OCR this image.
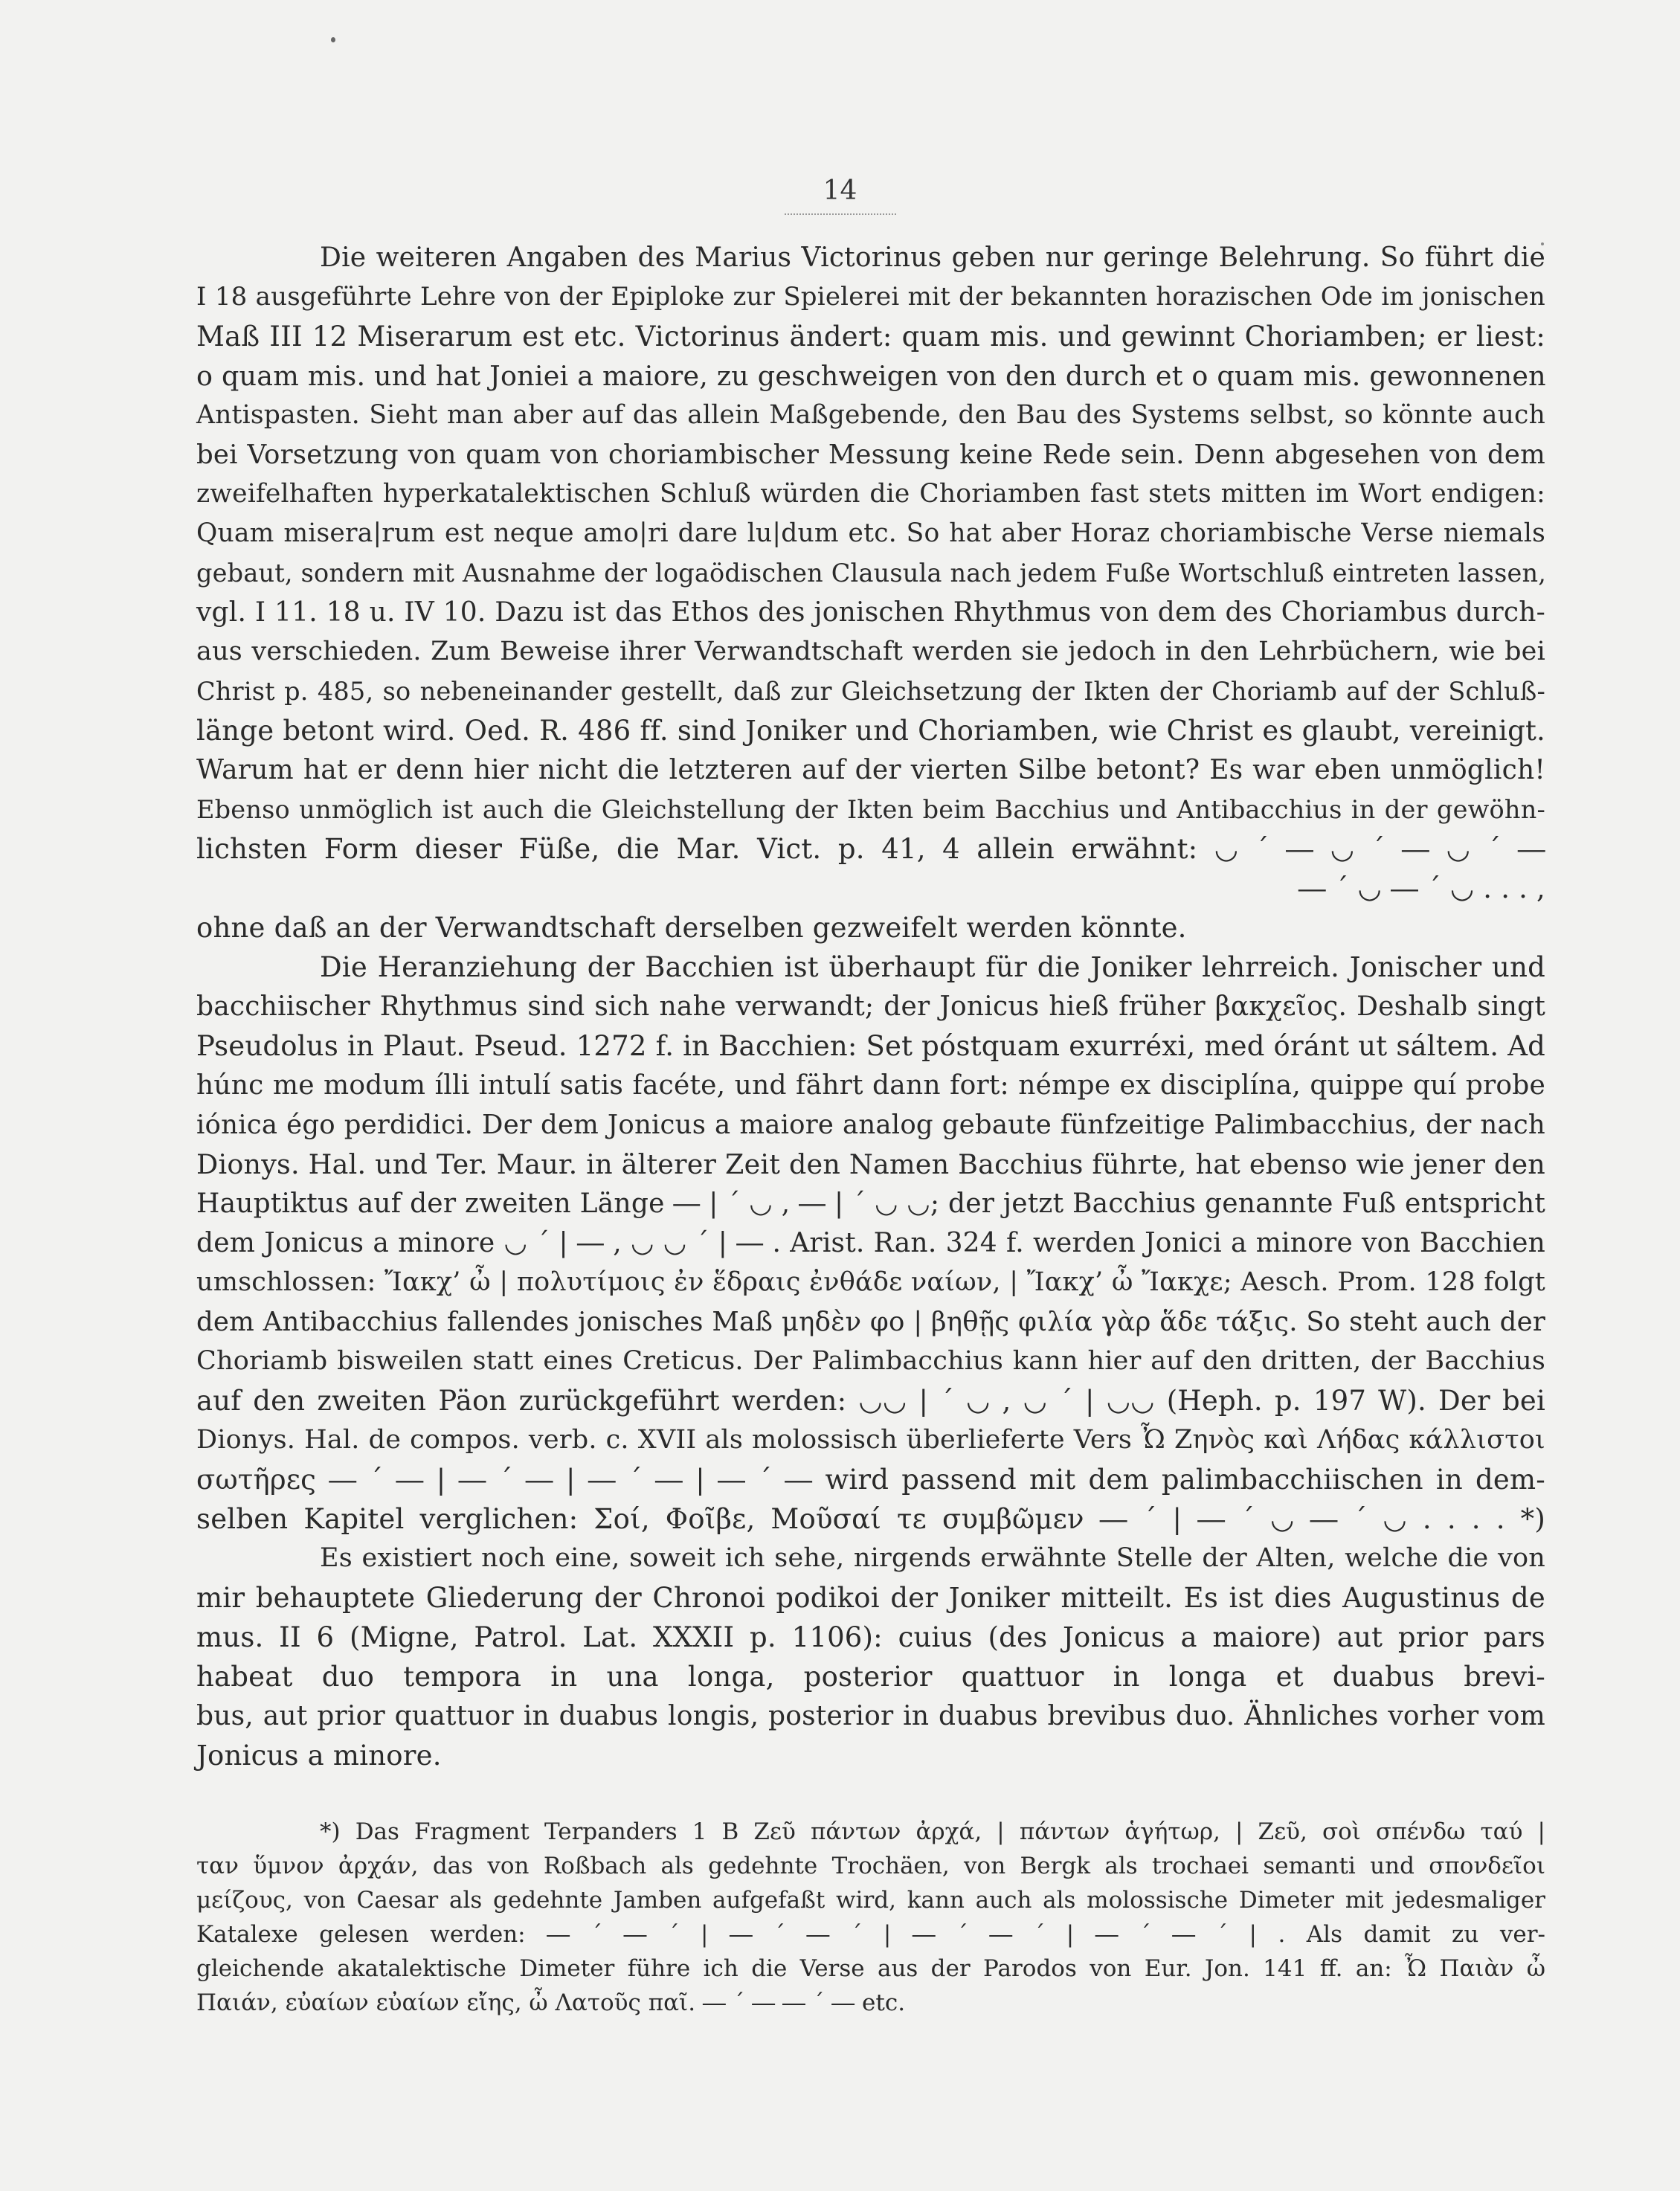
14
Die weiteren Angaben des Marius Victorinus geben nur geringe Belehrung. So führt die
I 18 ausgeführte Lehre von der Epiploke zur Spielerei mit der bekannten horazischen Ode im jonischen
Maß III 12 Miserarum est etc. Victorinus ändert: quam mis. und gewinnt Choriamben; er liest:
o quam mis. und hat Joniei a maiore, zu geschweigen von den durch et o quam mis. gewonnenen
Antispasten. Sieht man aber auf das allein Maßgebende, den Bau des Systems selbst, so könnte auch
bei Vorsetzung von quam von choriambischer Messung keine Rede sein. Denn abgesehen von dem
zweifelhaften hyperkatalektischen Schluß würden die Choriamben fast stets mitten im Wort endigen:
Quam misera|rum est neque amo|ri dare lu|dum etc. So hat aber Horaz choriambische Verse niemals
gebaut, sondern mit Ausnahme der logaödischen Clausula nach jedem Fuße Wortschluß eintreten lassen,
vgl. I 11. 18 u. IV 10. Dazu ist das Ethos des jonischen Rhythmus von dem des Choriambus durch-
aus verschieden. Zum Beweise ihrer Verwandtschaft werden sie jedoch in den Lehrbüchern, wie bei
Christ p. 485, so nebeneinander gestellt, daß zur Gleichsetzung der Ikten der Choriamb auf der Schluß-
länge betont wird. Oed. R. 486 ff. sind Joniker und Choriamben, wie Christ es glaubt, vereinigt.
Warum hat er denn hier nicht die letzteren auf der vierten Silbe betont? Es war eben unmöglich!
Ebenso unmöglich ist auch die Gleichstellung der Ikten beim Bacchius und Antibacchius in der gewöhn-
lichsten Form dieser Füße, die Mar. Vict. p. 41, 4 allein erwähnt: ◡ ´ ― ◡ ´ ― ◡ ´ ―
― ´ ◡ ― ´ ◡ . . . ,
ohne daß an der Verwandtschaft derselben gezweifelt werden könnte.
Die Heranziehung der Bacchien ist überhaupt für die Joniker lehrreich. Jonischer und
bacchiischer Rhythmus sind sich nahe verwandt; der Jonicus hieß früher βακχεῖος. Deshalb singt
Pseudolus in Plaut. Pseud. 1272 f. in Bacchien: Set póstquam exurréxi, med óránt ut sáltem. Ad
húnc me modum ílli intulí satis facéte, und fährt dann fort: némpe ex disciplína, quippe quí probe
iónica égo perdidici. Der dem Jonicus a maiore analog gebaute fünfzeitige Palimbacchius, der nach
Dionys. Hal. und Ter. Maur. in älterer Zeit den Namen Bacchius führte, hat ebenso wie jener den
Hauptiktus auf der zweiten Länge ― | ´ ◡ , ― | ´ ◡ ◡; der jetzt Bacchius genannte Fuß entspricht
dem Jonicus a minore ◡ ´ | ― , ◡ ◡ ´ | ― . Arist. Ran. 324 f. werden Jonici a minore von Bacchien
umschlossen: Ἴακχ’ ὦ | πολυτίμοις ἐν ἕδραις ἐνθάδε ναίων, | Ἴακχ’ ὦ Ἴακχε; Aesch. Prom. 128 folgt
dem Antibacchius fallendes jonisches Maß μηδὲν φο | βηθῇς φιλία γὰρ ἅδε τάξις. So steht auch der
Choriamb bisweilen statt eines Creticus. Der Palimbacchius kann hier auf den dritten, der Bacchius
auf den zweiten Päon zurückgeführt werden: ◡◡ | ´ ◡ , ◡ ´ | ◡◡ (Heph. p. 197 W). Der bei
Dionys. Hal. de compos. verb. c. XVII als molossisch überlieferte Vers Ὦ Ζηνὸς καὶ Λήδας κάλλιστοι
σωτῆρες ― ´ ― | ― ´ ― | ― ´ ― | ― ´ ― wird passend mit dem palimbacchiischen in dem-
selben Kapitel verglichen: Σοί, Φοῖβε, Μοῦσαί τε συμβῶμεν ― ´ | ― ´ ◡ ― ´ ◡ . . . . *)
Es existiert noch eine, soweit ich sehe, nirgends erwähnte Stelle der Alten, welche die von
mir behauptete Gliederung der Chronoi podikoi der Joniker mitteilt. Es ist dies Augustinus de
mus. II 6 (Migne, Patrol. Lat. XXXII p. 1106): cuius (des Jonicus a maiore) aut prior pars
habeat duo tempora in una longa, posterior quattuor in longa et duabus brevi-
bus, aut prior quattuor in duabus longis, posterior in duabus brevibus duo. Ähnliches vorher vom
Jonicus a minore.
*) Das Fragment Terpanders 1 B Ζεῦ πάντων ἀρχά, | πάντων ἁγήτωρ, | Ζεῦ, σοὶ σπένδω ταύ |
ταν ὕμνον ἀρχάν, das von Roßbach als gedehnte Trochäen, von Bergk als trochaei semanti und σπονδεῖοι
μείζους, von Caesar als gedehnte Jamben aufgefaßt wird, kann auch als molossische Dimeter mit jedesmaliger
Katalexe gelesen werden: ― ´ ― ´ | ― ´ ― ´ | ― ´ ― ´ | ― ´ ― ´ | . Als damit zu ver-
gleichende akatalektische Dimeter führe ich die Verse aus der Parodos von Eur. Jon. 141 ff. an: Ὦ Παιὰν ὦ
Παιάν, εὐαίων εὐαίων εἴης, ὦ Λατοῦς παῖ. ― ´ ― ― ´ ― etc.
